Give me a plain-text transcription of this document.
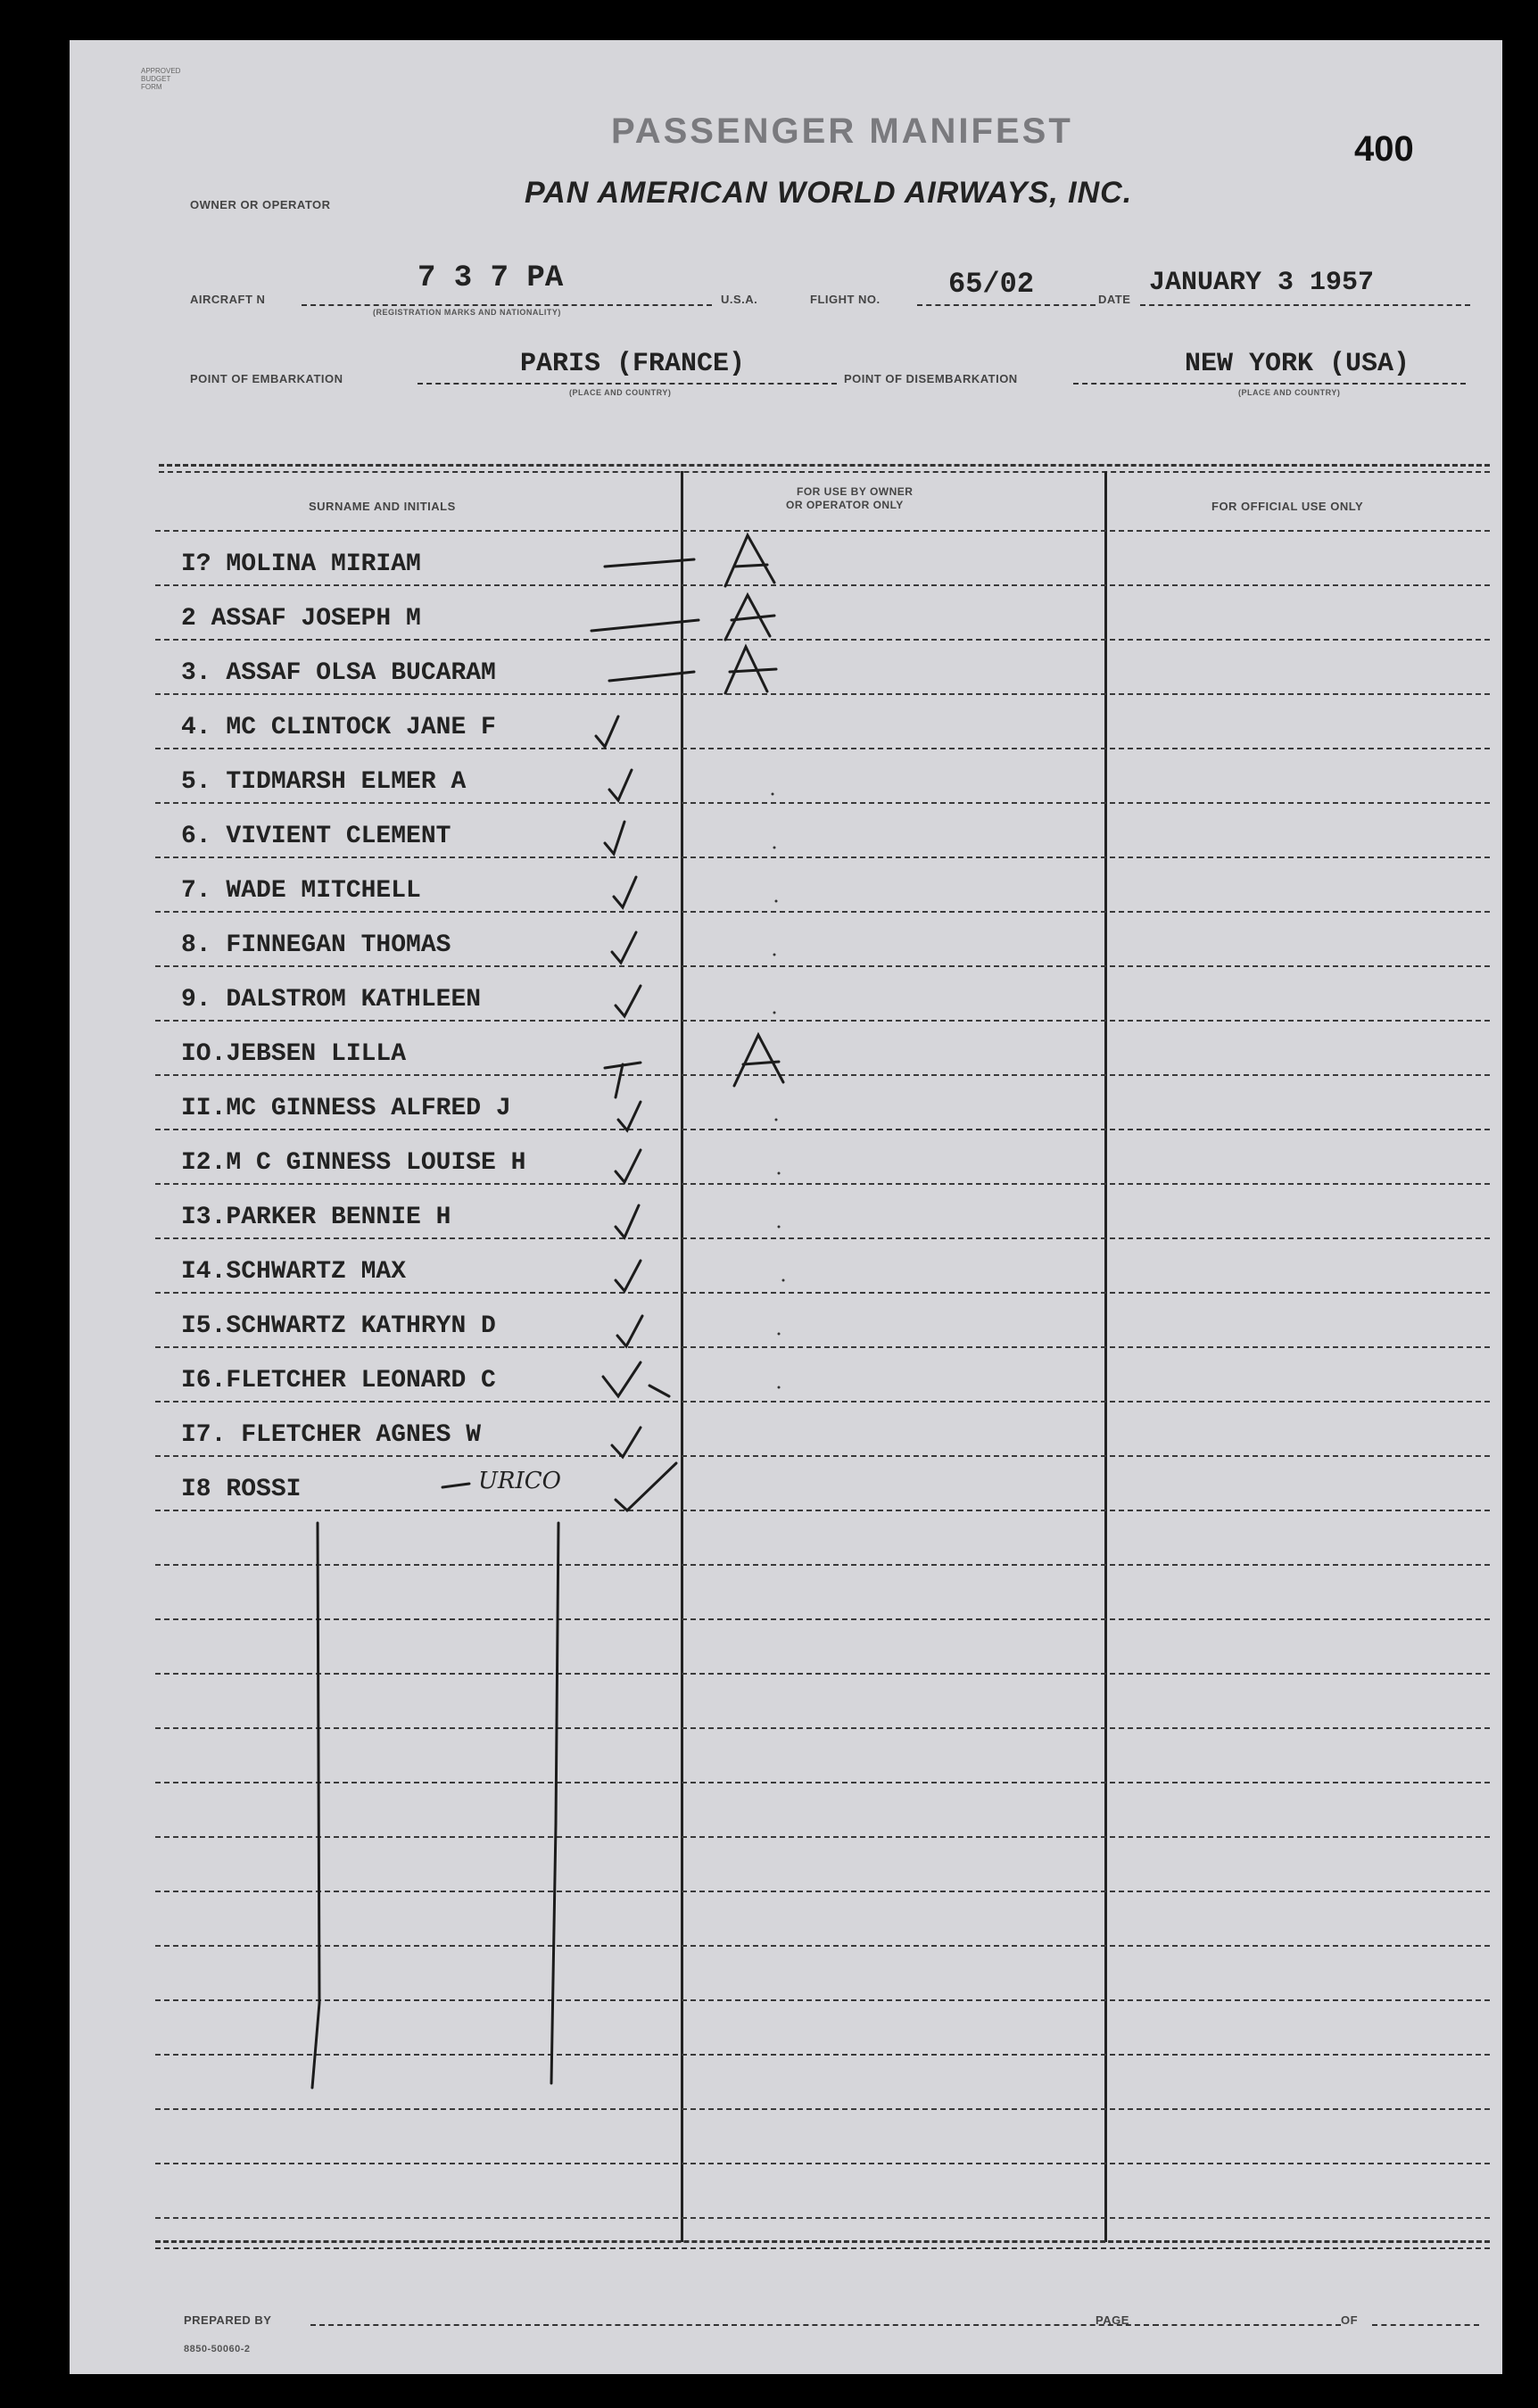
APPROVED
BUDGET
FORM
PASSENGER MANIFEST	400
OWNER OR OPERATOR	PAN AMERICAN WORLD AIRWAYS, INC.
AIRCRAFT N
7 3 7 PA
(REGISTRATION MARKS AND NATIONALITY)
U.S.A.	FLIGHT NO. 65/02	DATE
JANUARY 3 1957
POINT OF EMBARKATION	PARIS (FRANCE)
(PLACE AND COUNTRY)
POINT OF DISEMBARKATION	NEW YORK (USA)
(PLACE AND COUNTRY)
SURNAME AND INITIALS
FOR USE BY OWNER
OR OPERATOR ONLY	FOR OFFICIAL USE ONLY
I? MOLINA MIRIAM
2 ASSAF JOSEPH M
3. ASSAF OLSA BUCARAM
4. MC CLINTOCK JANE F
5. TIDMARSH ELMER A
6. VIVIENT CLEMENT
7. WADE MITCHELL
8. FINNEGAN THOMAS
9. DALSTROM KATHLEEN
IO.JEBSEN LILLA
II.MC GINNESS ALFRED J
I2.M C GINNESS LOUISE H
I3.PARKER BENNIE H
I4.SCHWARTZ MAX
I5.SCHWARTZ KATHRYN D
I6.FLETCHER LEONARD C
I7. FLETCHER AGNES W
I8 ROSSI	URICO
PREPARED BY	PAGE	OF
8850-50060-2
